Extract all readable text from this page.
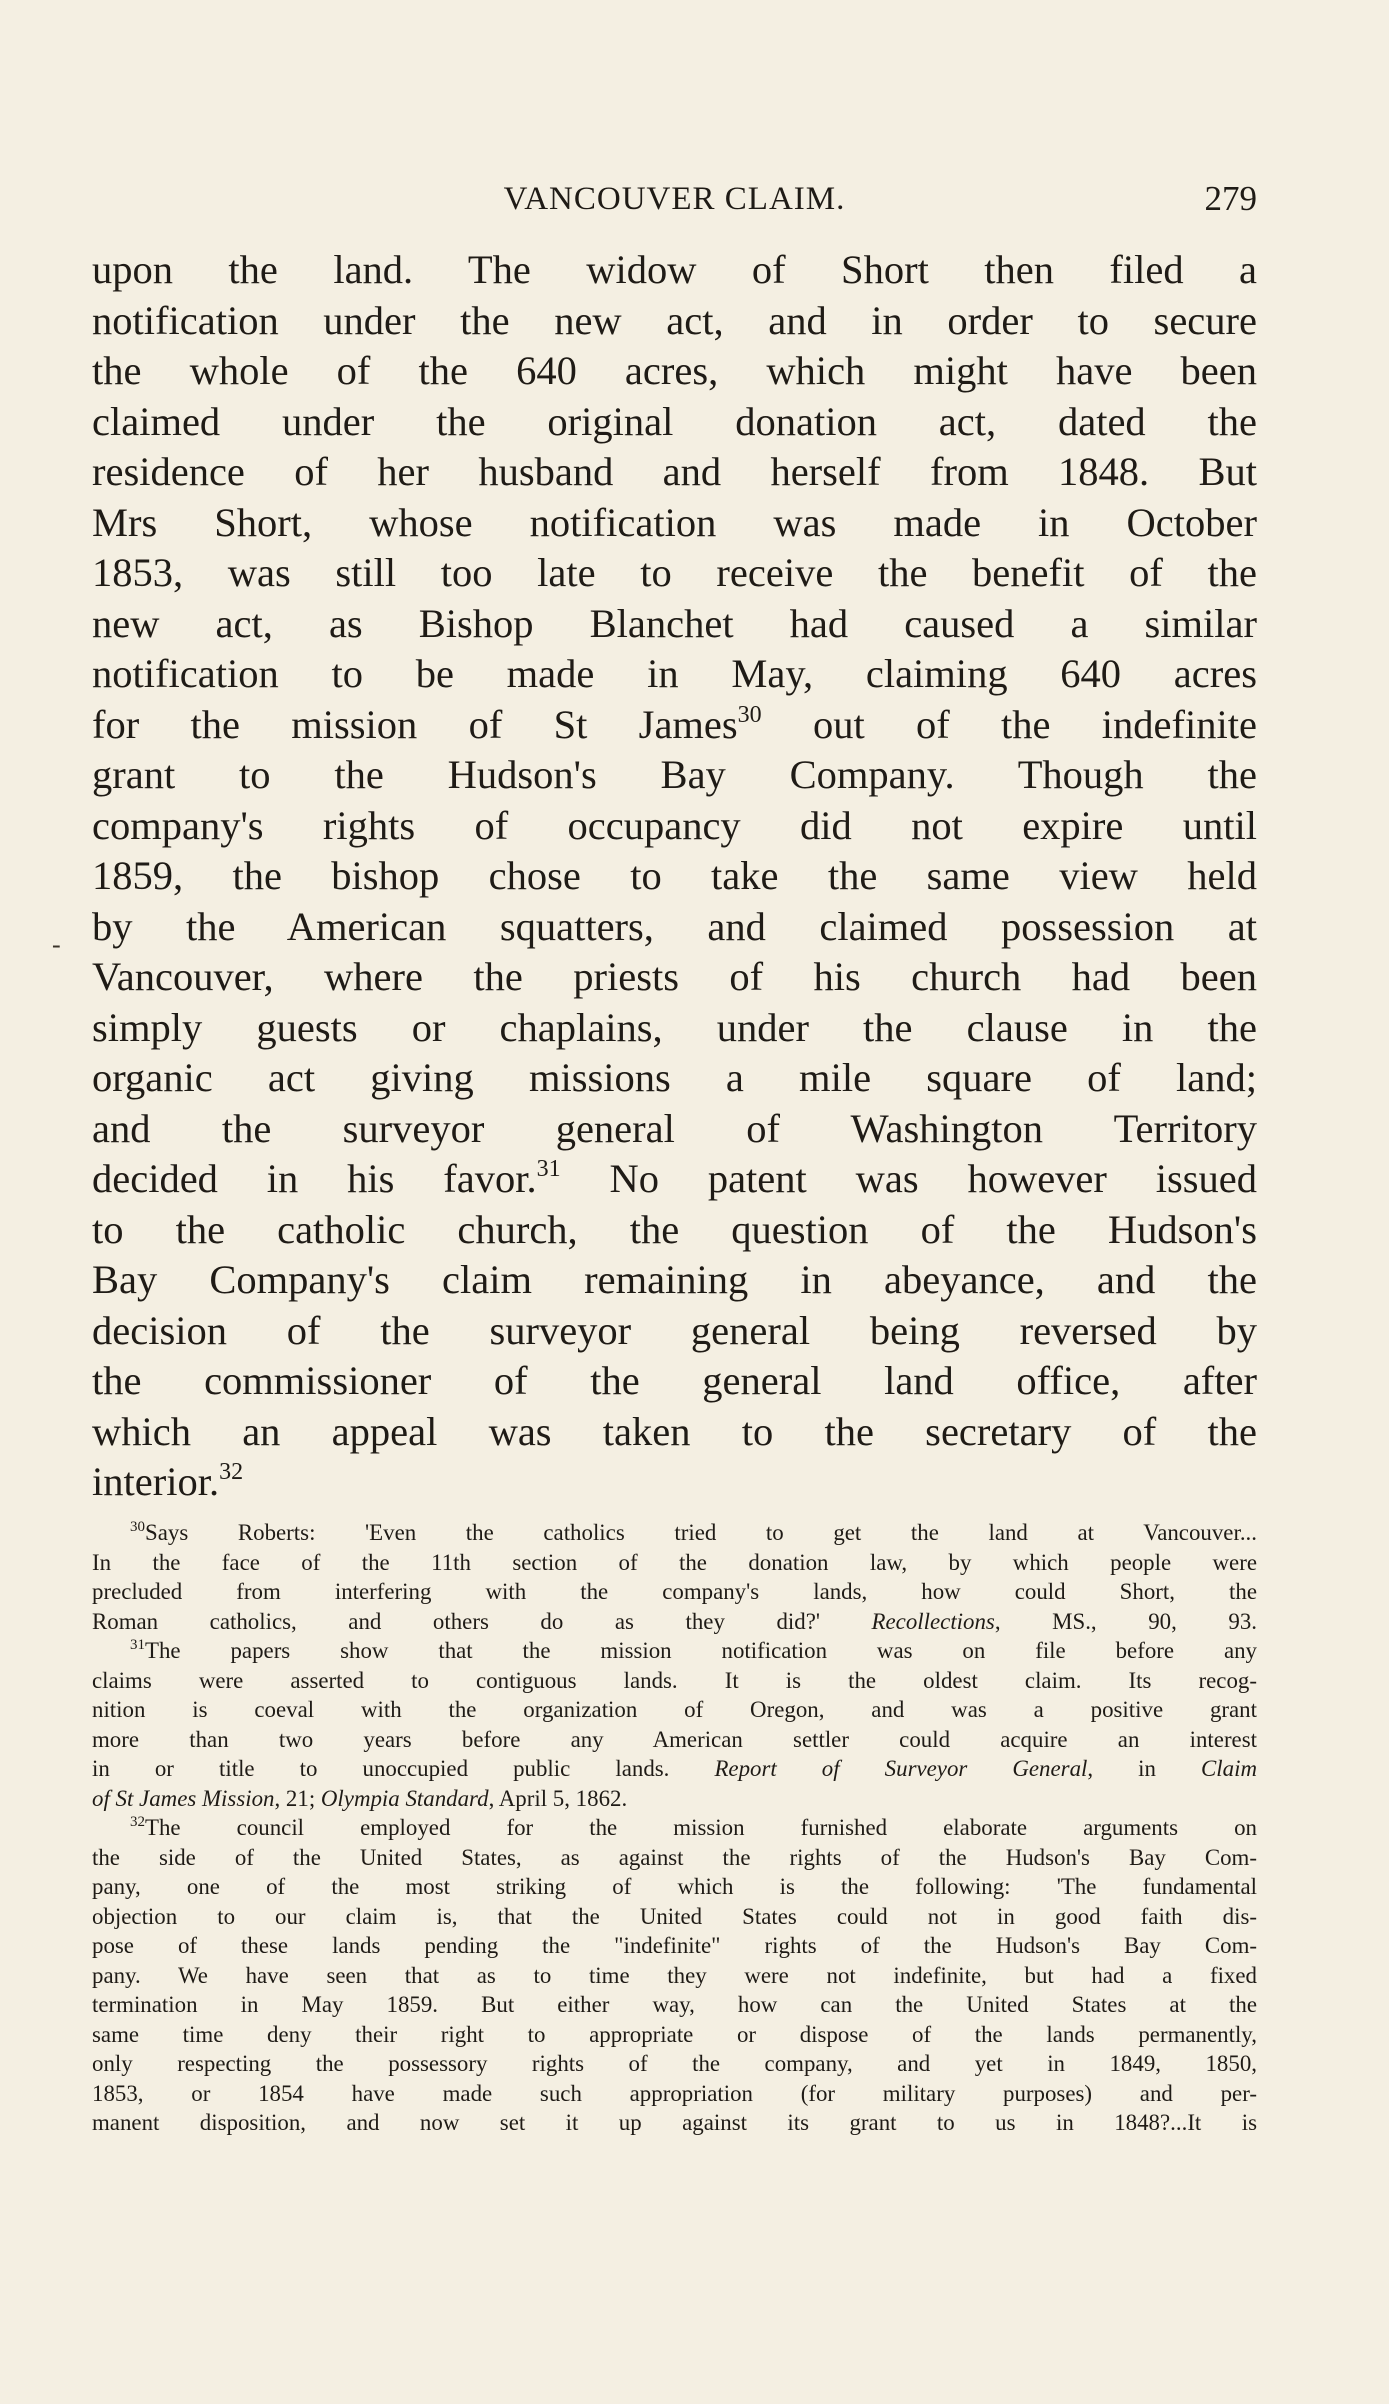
VANCOUVER CLAIM.	279
-
upon the land. The widow of Short then filed a
notification under the new act, and in order to secure
the whole of the 640 acres, which might have been
claimed under the original donation act, dated the
residence of her husband and herself from 1848. But
Mrs Short, whose notification was made in October
1853, was still too late to receive the benefit of the
new act, as Bishop Blanchet had caused a similar
notification to be made in May, claiming 640 acres
for the mission of St James$^{30}$ out of the indefinite
grant to the Hudson's Bay Company. Though the
company's rights of occupancy did not expire until
1859, the bishop chose to take the same view held
by the American squatters, and claimed possession at
Vancouver, where the priests of his church had been
simply guests or chaplains, under the clause in the
organic act giving missions a mile square of land;
and the surveyor general of Washington Territory
decided in his favor.$^{31}$ No patent was however issued
to the catholic church, the question of the Hudson's
Bay Company's claim remaining in abeyance, and the
decision of the surveyor general being reversed by
the commissioner of the general land office, after
which an appeal was taken to the secretary of the
interior.$^{32}$
$^{30}$Says Roberts: 'Even the catholics tried to get the land at Vancouver...
In the face of the 11th section of the donation law, by which people were
precluded from interfering with the company's lands, how could Short, the
Roman catholics, and others do as they did?' Recollections, MS., 90, 93.
$^{31}$The papers show that the mission notification was on file before any
claims were asserted to contiguous lands. It is the oldest claim. Its recog-
nition is coeval with the organization of Oregon, and was a positive grant
more than two years before any American settler could acquire an interest
in or title to unoccupied public lands. Report of Surveyor General, in Claim
of St James Mission, 21; Olympia Standard, April 5, 1862.
$^{32}$The council employed for the mission furnished elaborate arguments on
the side of the United States, as against the rights of the Hudson's Bay Com-
pany, one of the most striking of which is the following: 'The fundamental
objection to our claim is, that the United States could not in good faith dis-
pose of these lands pending the "indefinite" rights of the Hudson's Bay Com-
pany. We have seen that as to time they were not indefinite, but had a fixed
termination in May 1859. But either way, how can the United States at the
same time deny their right to appropriate or dispose of the lands permanently,
only respecting the possessory rights of the company, and yet in 1849, 1850,
1853, or 1854 have made such appropriation (for military purposes) and per-
manent disposition, and now set it up against its grant to us in 1848?...It is
